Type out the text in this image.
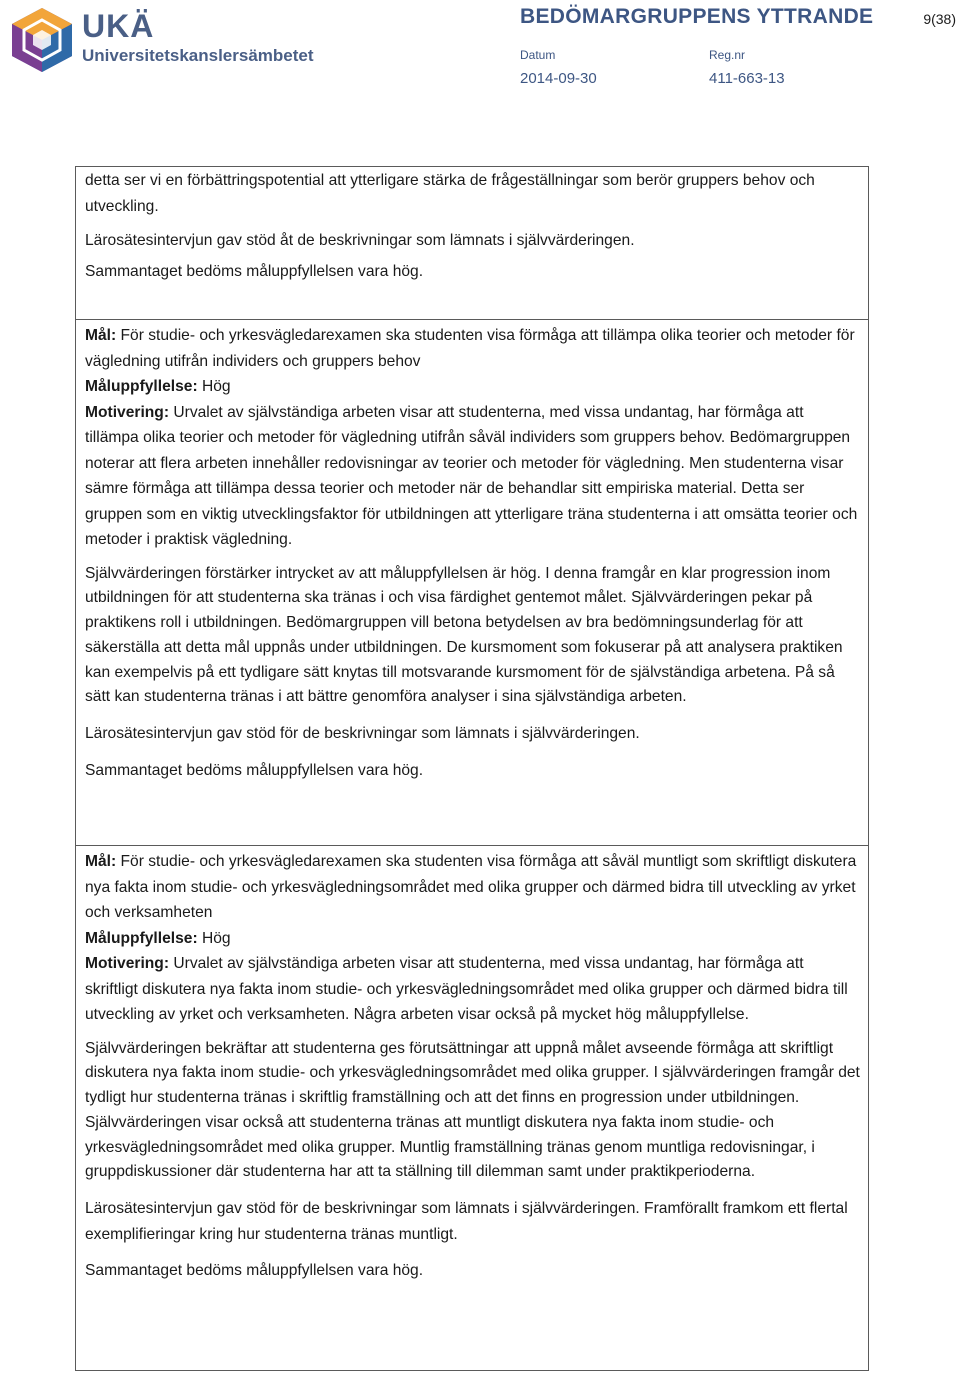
UKÄ
Universitetskanslersämbetet
BEDÖMARGRUPPENS YTTRANDE	9(38)
Datum
2014-09-30
Reg.nr
411-663-13

detta ser vi en förbättringspotential att ytterligare stärka de frågeställningar som berör gruppers behov och utveckling.

Lärosätesintervjun gav stöd åt de beskrivningar som lämnats i självvärderingen.

Sammantaget bedöms måluppfyllelsen vara hög.

Mål: För studie- och yrkesvägledarexamen ska studenten visa förmåga att tillämpa olika teorier och metoder för vägledning utifrån individers och gruppers behov

Måluppfyllelse: Hög

Motivering: Urvalet av självständiga arbeten visar att studenterna, med vissa undantag, har förmåga att tillämpa olika teorier och metoder för vägledning utifrån såväl individers som gruppers behov. Bedömargruppen noterar att flera arbeten innehåller redovisningar av teorier och metoder för vägledning. Men studenterna visar sämre förmåga att tillämpa dessa teorier och metoder när de behandlar sitt empiriska material. Detta ser gruppen som en viktig utvecklingsfaktor för utbildningen att ytterligare träna studenterna i att omsätta teorier och metoder i praktisk vägledning.

Självvärderingen förstärker intrycket av att måluppfyllelsen är hög. I denna framgår en klar progression inom utbildningen för att studenterna ska tränas i och visa färdighet gentemot målet. Självvärderingen pekar på praktikens roll i utbildningen. Bedömargruppen vill betona betydelsen av bra bedömningsunderlag för att säkerställa att detta mål uppnås under utbildningen. De kursmoment som fokuserar på att analysera praktiken kan exempelvis på ett tydligare sätt knytas till motsvarande kursmoment för de självständiga arbetena. På så sätt kan studenterna tränas i att bättre genomföra analyser i sina självständiga arbeten.

Lärosätesintervjun gav stöd för de beskrivningar som lämnats i självvärderingen.

Sammantaget bedöms måluppfyllelsen vara hög.

Mål: För studie- och yrkesvägledarexamen ska studenten visa förmåga att såväl muntligt som skriftligt diskutera nya fakta inom studie- och yrkesvägledningsområdet med olika grupper och därmed bidra till utveckling av yrket och verksamheten

Måluppfyllelse: Hög

Motivering: Urvalet av självständiga arbeten visar att studenterna, med vissa undantag, har förmåga att skriftligt diskutera nya fakta inom studie- och yrkesvägledningsområdet med olika grupper och därmed bidra till utveckling av yrket och verksamheten. Några arbeten visar också på mycket hög måluppfyllelse.

Självvärderingen bekräftar att studenterna ges förutsättningar att uppnå målet avseende förmåga att skriftligt diskutera nya fakta inom studie- och yrkesvägledningsområdet med olika grupper. I självvärderingen framgår det tydligt hur studenterna tränas i skriftlig framställning och att det finns en progression under utbildningen. Självvärderingen visar också att studenterna tränas att muntligt diskutera nya fakta inom studie- och yrkesvägledningsområdet med olika grupper. Muntlig framställning tränas genom muntliga redovisningar, i gruppdiskussioner där studenterna har att ta ställning till dilemman samt under praktikperioderna.

Lärosätesintervjun gav stöd för de beskrivningar som lämnats i självvärderingen. Framförallt framkom ett flertal exemplifieringar kring hur studenterna tränas muntligt.

Sammantaget bedöms måluppfyllelsen vara hög.
